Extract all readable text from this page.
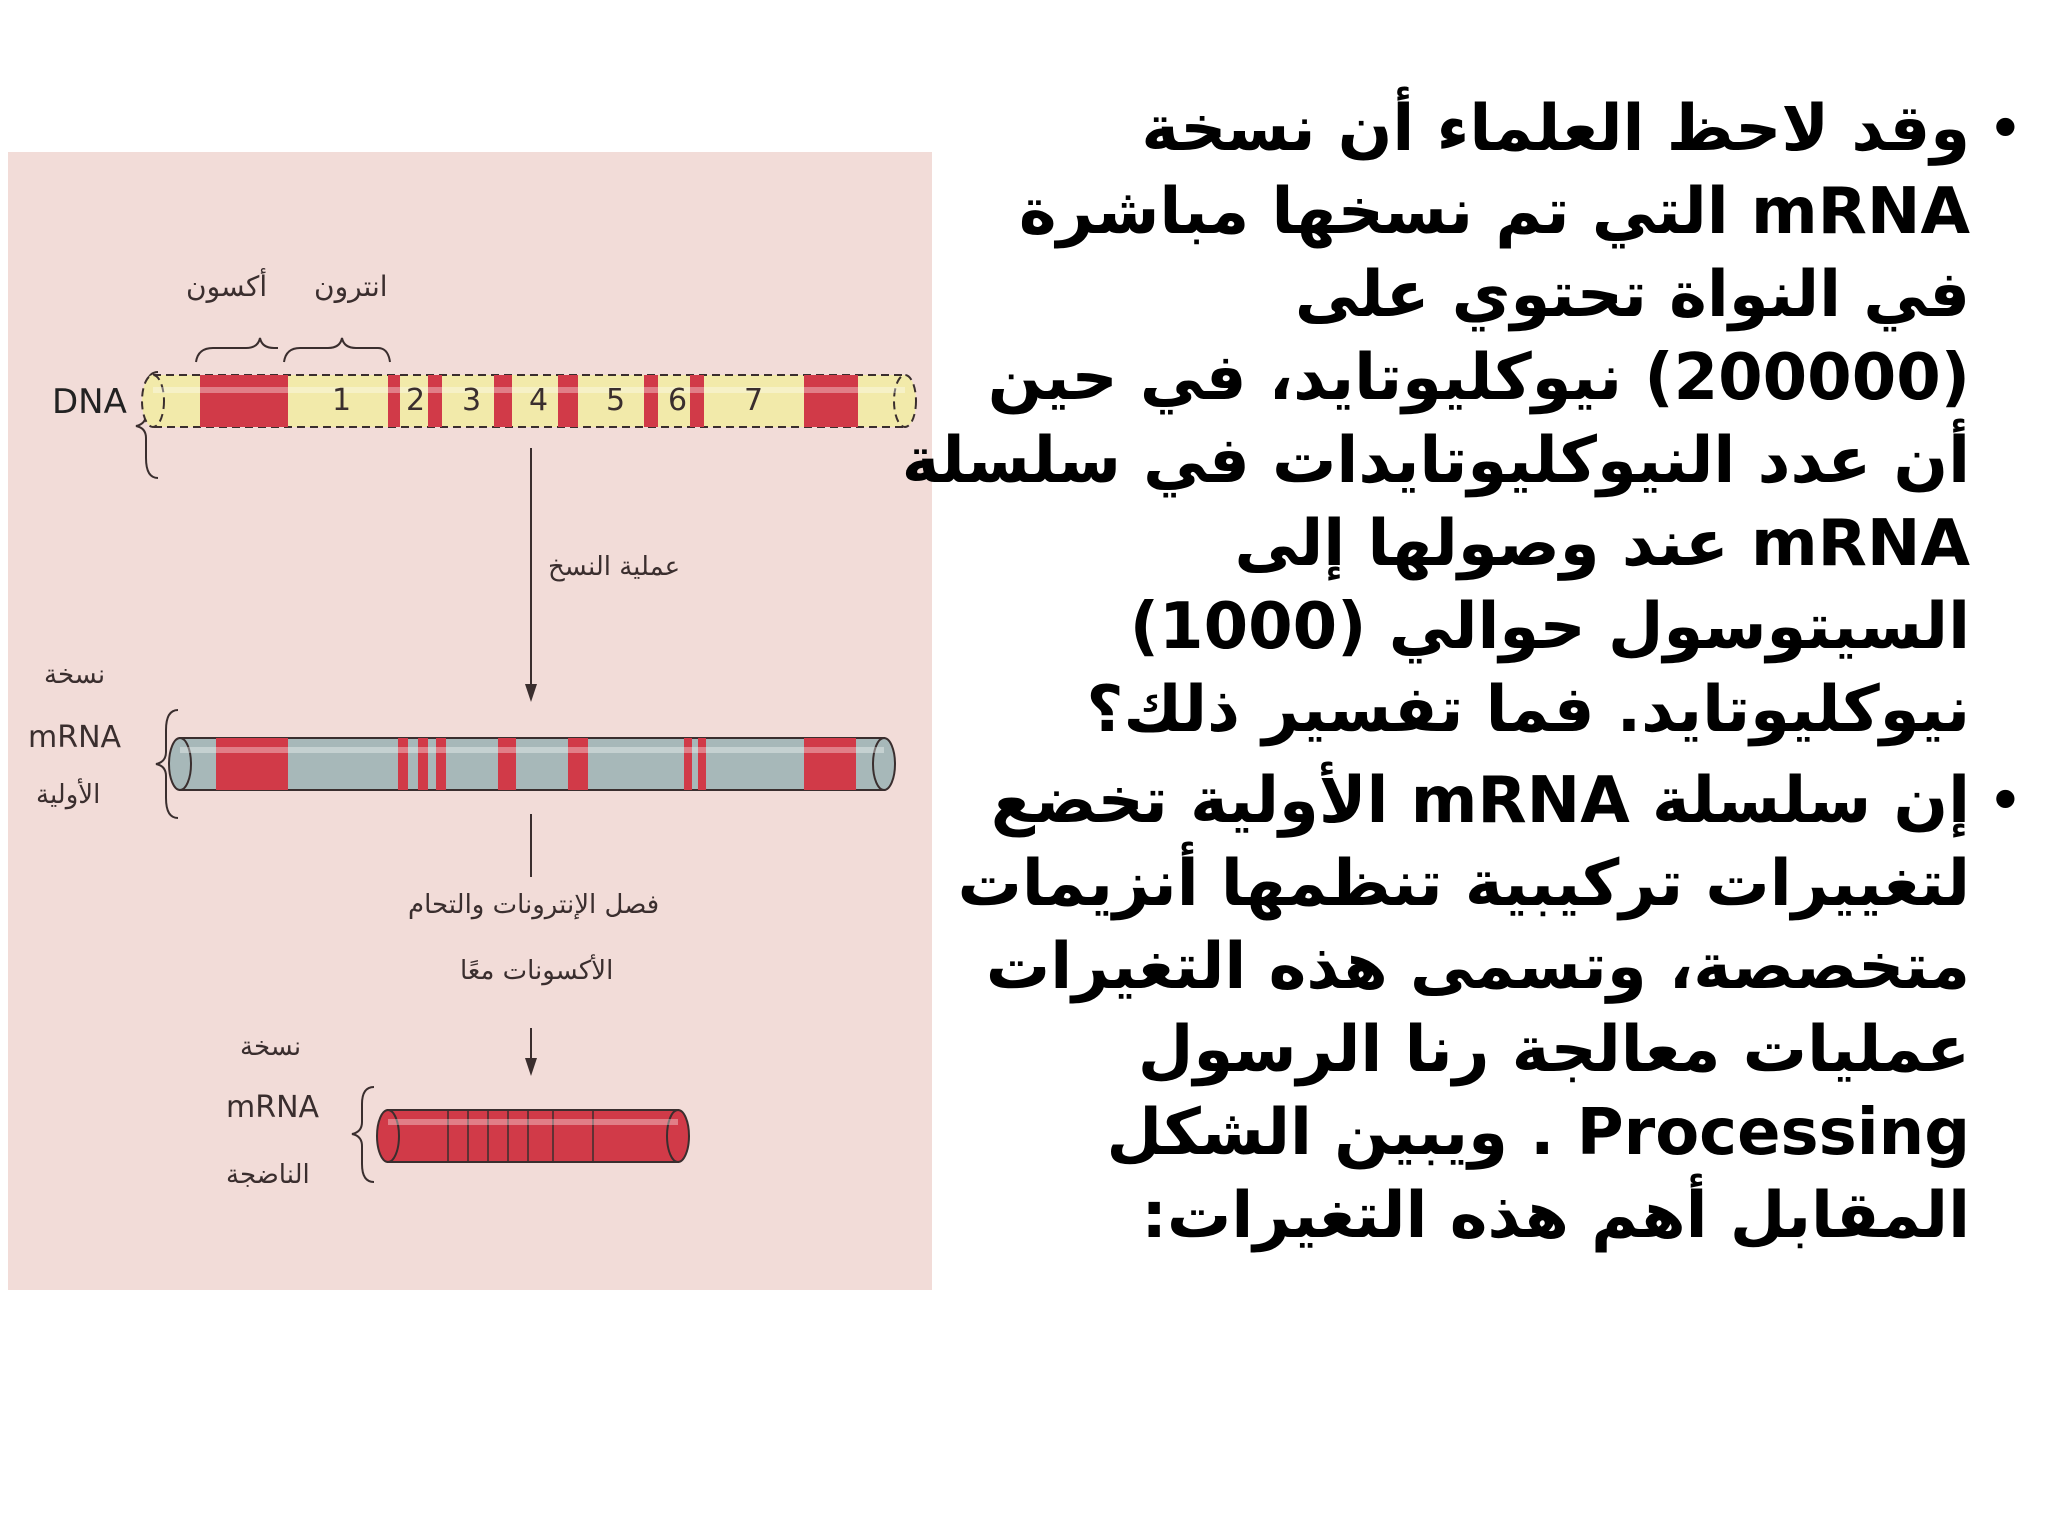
أكسون انترون
DNA	1 2 3 4 5 6 7
عملية النسخ
نسخة
mRNA
الأولية
فصل الإنترونات والتحام
الأكسونات معًا
نسخة
mRNA
الناضجة
•
وقد لاحظ العلماء أن نسخة
mRNA التي تم نسخها مباشرة
في النواة تحتوي على
(200000) نيوكليوتايد، في حين
أن عدد النيوكليوتايدات في سلسلة
mRNA عند وصولها إلى
السيتوسول حوالي (1000)
نيوكليوتايد. فما تفسير ذلك؟
•
إن سلسلة mRNA الأولية تخضع
لتغييرات تركيبية تنظمها أنزيمات
متخصصة، وتسمى هذه التغيرات
عمليات معالجة رنا الرسول
Processing . ويبين الشكل
المقابل أهم هذه التغيرات:
